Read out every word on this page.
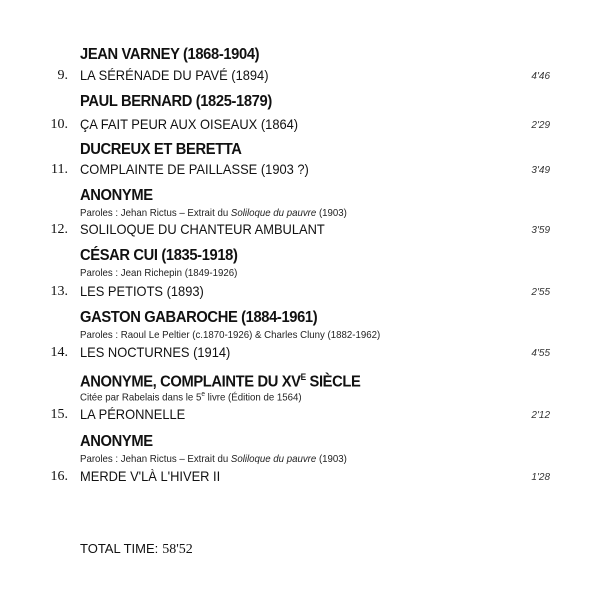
JEAN VARNEY (1868-1904)
9. LA SÉRÉNADE DU PAVÉ (1894)	4'46
PAUL BERNARD (1825-1879)
10. ÇA FAIT PEUR AUX OISEAUX (1864)	2'29
DUCREUX ET BERETTA
11. COMPLAINTE DE PAILLASSE (1903 ?)	3'49
ANONYME
Paroles : Jehan Rictus – Extrait du Soliloque du pauvre (1903)
12. SOLILOQUE DU CHANTEUR AMBULANT	3'59
CÉSAR CUI (1835-1918)
Paroles : Jean Richepin (1849-1926)
13. LES PETIOTS (1893)	2'55
GASTON GABAROCHE (1884-1961)
Paroles : Raoul Le Peltier (c.1870-1926) & Charles Cluny (1882-1962)
14. LES NOCTURNES (1914)	4'55
ANONYME, COMPLAINTE DU $XV^E$ SIÈCLE
Citée par Rabelais dans le 5e livre (Édition de 1564)
15. LA PÉRONNELLE	2'12
ANONYME
Paroles : Jehan Rictus – Extrait du Soliloque du pauvre (1903)
16. MERDE V'LÀ L'HIVER II	1'28
TOTAL TIME: 58'52
